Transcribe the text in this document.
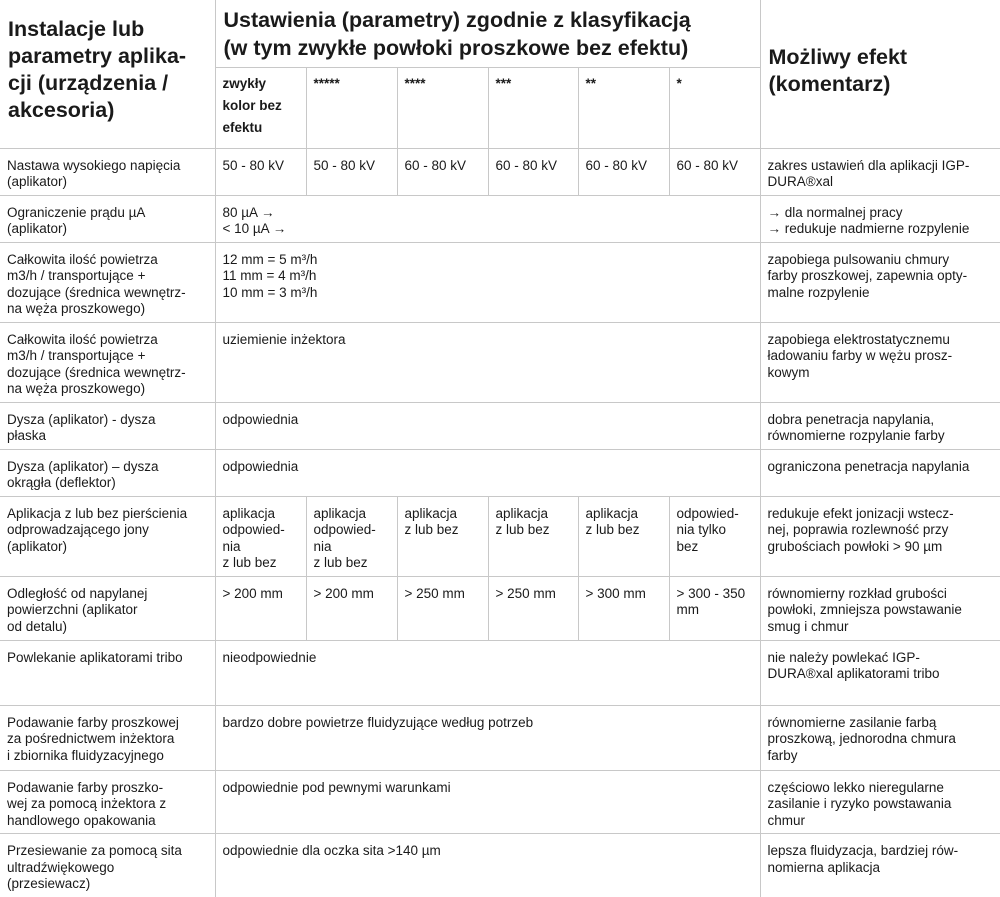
Instalacje lub
parametry aplika-
cji (urządzenia /
akcesoria)	Ustawienia (parametry) zgodnie z klasyfikacją
(w tym zwykłe powłoki proszkowe bez efektu)						Możliwy efekt
(komentarz)
	zwykły
kolor bez
efektu	*****	****	***	**	*	
Nastawa wysokiego napięcia
(aplikator)	50 - 80 kV	50 - 80 kV	60 - 80 kV	60 - 80 kV	60 - 80 kV	60 - 80 kV	zakres ustawień dla aplikacji IGP-
DURA®xal
Ograniczenie prądu µA
(aplikator)	80 µA →
< 10 µA →						→ dla normalnej pracy
→ redukuje nadmierne rozpylenie
Całkowita ilość powietrza
m3/h / transportujące +
dozujące (średnica wewnętrz-
na węża proszkowego)	12 mm = 5 m³/h
11 mm = 4 m³/h
10 mm = 3 m³/h						zapobiega pulsowaniu chmury
farby proszkowej, zapewnia opty-
malne rozpylenie
Całkowita ilość powietrza
m3/h / transportujące +
dozujące (średnica wewnętrz-
na węża proszkowego)	uziemienie inżektora						zapobiega elektrostatycznemu
ładowaniu farby w wężu prosz-
kowym
Dysza (aplikator) - dysza
płaska	odpowiednia						dobra penetracja napylania,
równomierne rozpylanie farby
Dysza (aplikator) – dysza
okrągła (deflektor)	odpowiednia						ograniczona penetracja napylania
Aplikacja z lub bez pierścienia
odprowadzającego jony
(aplikator)	aplikacja
odpowied-
nia
z lub bez	aplikacja
odpowied-
nia
z lub bez	aplikacja
z lub bez	aplikacja
z lub bez	aplikacja
z lub bez	odpowied-
nia tylko
bez	redukuje efekt jonizacji wstecz-
nej, poprawia rozlewność przy
grubościach powłoki > 90 µm
Odległość od napylanej
powierzchni (aplikator
od detalu)	> 200 mm	> 200 mm	> 250 mm	> 250 mm	> 300 mm	> 300 - 350
mm	równomierny rozkład grubości
powłoki, zmniejsza powstawanie
smug i chmur
Powlekanie aplikatorami tribo	nieodpowiednie						nie należy powlekać IGP-
DURA®xal aplikatorami tribo
Podawanie farby proszkowej
za pośrednictwem inżektora
i zbiornika fluidyzacyjnego	bardzo dobre powietrze fluidyzujące według potrzeb						równomierne zasilanie farbą
proszkową, jednorodna chmura
farby
Podawanie farby proszko-
wej za pomocą inżektora z
handlowego opakowania	odpowiednie pod pewnymi warunkami						częściowo lekko nieregularne
zasilanie i ryzyko powstawania
chmur
Przesiewanie za pomocą sita
ultradźwiękowego
(przesiewacz)	odpowiednie dla oczka sita >140 µm						lepsza fluidyzacja, bardziej rów-
nomierna aplikacja
